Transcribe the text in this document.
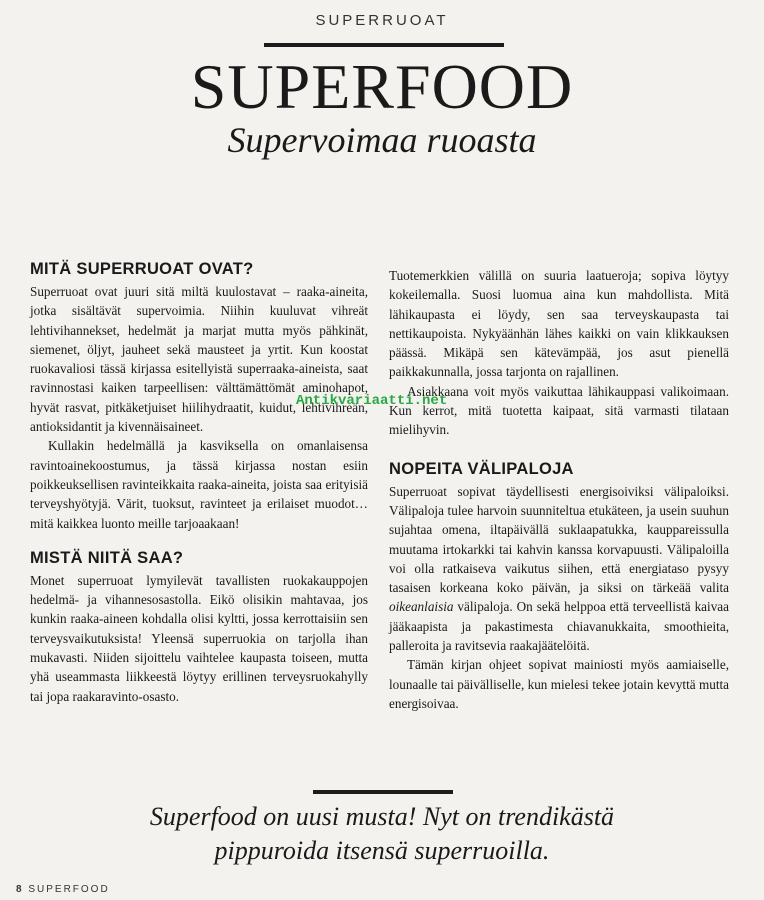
SUPERRUOAT
SUPERFOOD
Supervoimaa ruoasta
MITÄ SUPERRUOAT OVAT?

Superruoat ovat juuri sitä miltä kuulostavat – raaka-aineita, jotka sisältävät supervoimia. Niihin kuuluvat vihreät lehtivihannekset, hedelmät ja marjat mutta myös pähkinät, siemenet, öljyt, jauheet sekä mausteet ja yrtit. Kun koostat ruokavaliosi tässä kirjassa esitellyistä superraaka-aineista, saat ravinnostasi kaiken tarpeellisen: välttämättömät aminohapot, hyvät rasvat, pitkäketjuiset hiilihydraatit, kuidut, lehtivihreän, antioksidantit ja kivennäisaineet.

Kullakin hedelmällä ja kasviksella on omanlaisensa ravintoainekoostumus, ja tässä kirjassa nostan esiin poikkeuksellisen ravinteikkaita raaka-aineita, joista saa erityisiä terveyshyötyjä. Värit, tuoksut, ravinteet ja erilaiset muodot… mitä kaikkea luonto meille tarjoaakaan!

MISTÄ NIITÄ SAA?

Monet superruoat lymyilevät tavallisten ruokakauppojen hedelmä- ja vihannesosastolla. Eikö olisikin mahtavaa, jos kunkin raaka-aineen kohdalla olisi kyltti, jossa kerrottaisiin sen terveysvaikutuksista! Yleensä superruokia on tarjolla ihan mukavasti. Niiden sijoittelu vaihtelee kaupasta toiseen, mutta yhä useammasta liikkeestä löytyy erillinen terveysruokahylly tai jopa raakaravinto-osasto.

Tuotemerkkien välillä on suuria laatueroja; sopiva löytyy kokeilemalla. Suosi luomua aina kun mahdollista. Mitä lähikaupasta ei löydy, sen saa terveyskaupasta tai nettikaupoista. Nykyäänhän lähes kaikki on vain klikkauksen päässä. Mikäpä sen kätevämpää, jos asut pienellä paikkakunnalla, jossa tarjonta on rajallinen.

Asiakkaana voit myös vaikuttaa lähikauppasi valikoimaan. Kun kerrot, mitä tuotetta kaipaat, sitä varmasti tilataan mielihyvin.

NOPEITA VÄLIPALOJA

Superruoat sopivat täydellisesti energisoiviksi välipaloiksi. Välipaloja tulee harvoin suunniteltua etukäteen, ja usein suuhun sujahtaa omena, iltapäivällä suklaapatukka, kauppareissulla muutama irtokarkki tai kahvin kanssa korvapuusti. Välipaloilla voi olla ratkaiseva vaikutus siihen, että energiataso pysyy tasaisen korkeana koko päivän, ja siksi on tärkeää valita oikeanlaisia välipaloja. On sekä helppoa että terveellistä kaivaa jääkaapista ja pakastimesta chiavanukkaita, smoothieita, palleroita ja ravitsevia raakajäätelöitä.

Tämän kirjan ohjeet sopivat mainiosti myös aamiaiselle, lounaalle tai päivälliselle, kun mielesi tekee jotain kevyttä mutta energisoivaa.

Antikvariaatti.net
Superfood on uusi musta! Nyt on trendikästä
pippuroida itsensä superruoilla.
8 SUPERFOOD
